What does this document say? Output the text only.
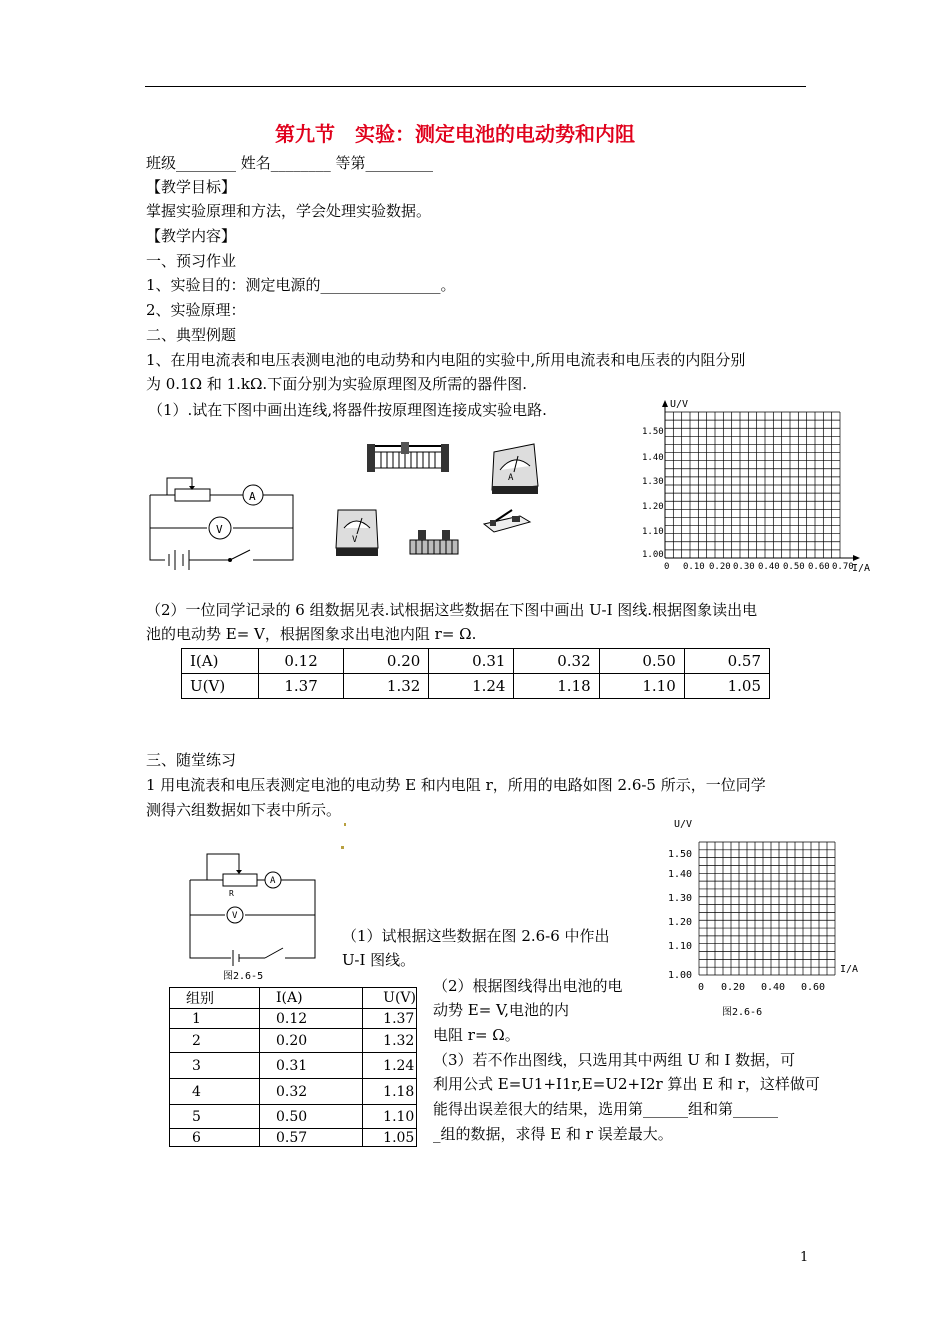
第九节　实验：测定电池的电动势和内阻
班级________ 姓名________ 等第_________
【教学目标】
掌握实验原理和方法，学会处理实验数据。
【教学内容】
一、预习作业
1、实验目的：测定电源的________________。
2、实验原理：
二、典型例题
1、在用电流表和电压表测电池的电动势和内电阻的实验中,所用电流表和电压表的内阻分别
为 0.1Ω 和 1.kΩ.下面分别为实验原理图及所需的器件图.
（1）.试在下图中画出连线,将器件按原理图连接成实验电路.
V
A
A
V
U/V
I/A
1.50
1.40
1.30
1.20
1.10
1.00
0 0.10 0.20 0.30 0.40 0.50 0.60 0.70
（2）一位同学记录的 6 组数据见表.试根据这些数据在下图中画出 U-I 图线.根据图象读出电
池的电动势 E= V，根据图象求出电池内阻 r= Ω.
I(A)	0.12	0.20	0.31	0.32	0.50	0.57
U(V)	1.37	1.32	1.24	1.18	1.10	1.05
三、随堂练习
1 用电流表和电压表测定电池的电动势 E 和内电阻 r，所用的电路如图 2.6-5 所示，一位同学
测得六组数据如下表中所示。
R
A
V
图2.6-5
（1）试根据这些数据在图 2.6-6 中作出
U-I 图线。
组别	I(A)	U(V)
1	0.12	1.37
2	0.20	1.32
3	0.31	1.24
4	0.32	1.18
5	0.50	1.10
6	0.57	1.05
（2）根据图线得出电池的电
动势 E= V,电池的内
电阻 r= Ω。
（3）若不作出图线，只选用其中两组 U 和 I 数据，可
利用公式 E=U1+I1r,E=U2+I2r 算出 E 和 r，这样做可
能得出误差很大的结果，选用第______组和第______
_组的数据，求得 E 和 r 误差最大。
U/V
I/A
1.50
1.40
1.30
1.20
1.10
1.00
0 0.20 0.40 0.60
图2.6-6
1
